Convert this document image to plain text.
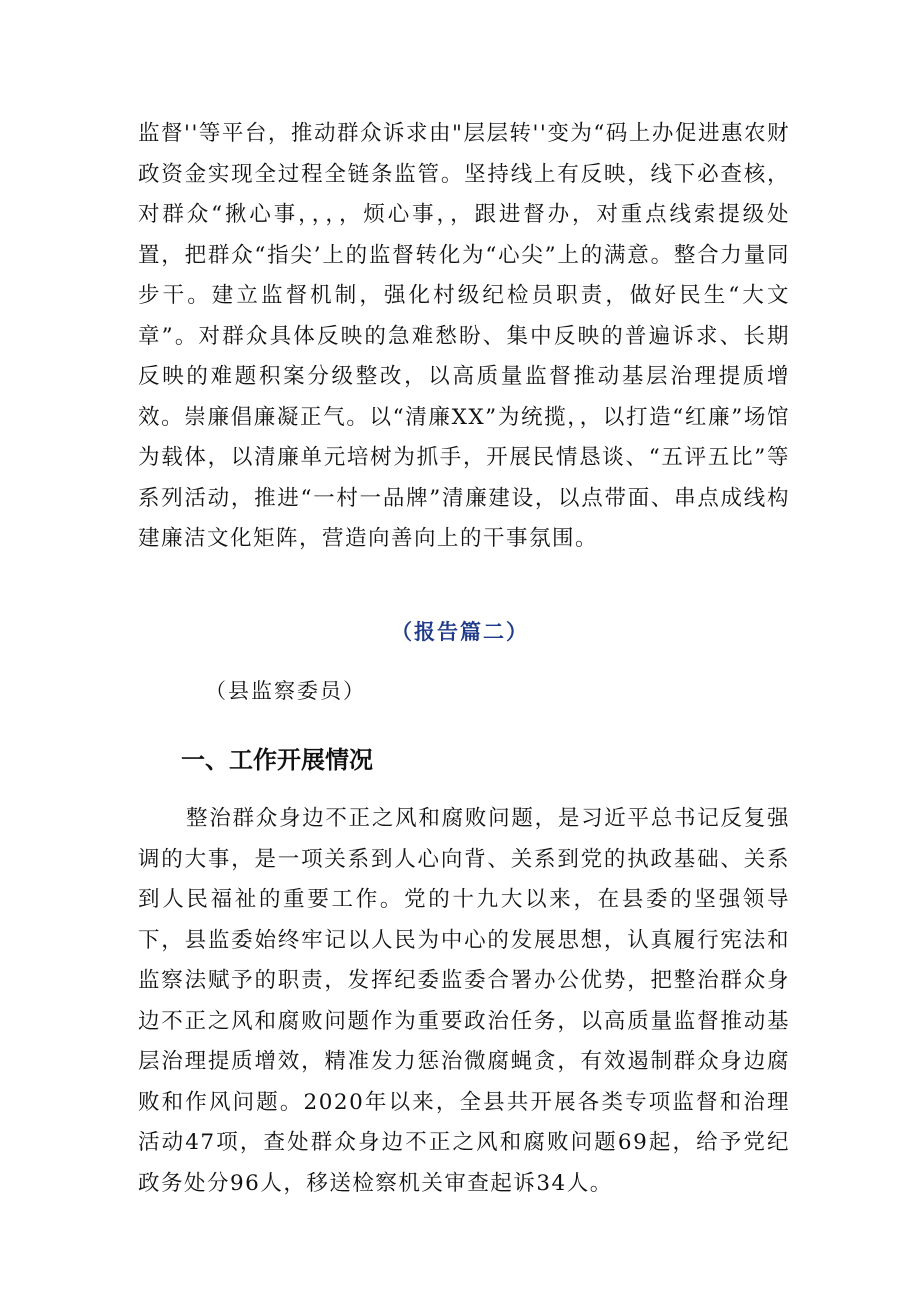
监督''等平台，推动群众诉求由"层层转''变为“码上办促进惠农财政资金实现全过程全链条监管。坚持线上有反映，线下必查核，对群众“揪心事，，，，烦心事，，跟进督办，对重点线索提级处置，把群众“指尖’上的监督转化为“心尖”上的满意。整合力量同步干。建立监督机制，强化村级纪检员职责，做好民生“大文章”。对群众具体反映的急难愁盼、集中反映的普遍诉求、长期反映的难题积案分级整改，以高质量监督推动基层治理提质增效。崇廉倡廉凝正气。以“清廉XX”为统揽，，以打造“红廉”场馆为载体，以清廉单元培树为抓手，开展民情恳谈、“五评五比”等系列活动，推进“一村一品牌”清廉建设，以点带面、串点成线构建廉洁文化矩阵，营造向善向上的干事氛围。

（报告篇二）

（县监察委员）

一、工作开展情况

整治群众身边不正之风和腐败问题，是习近平总书记反复强调的大事，是一项关系到人心向背、关系到党的执政基础、关系到人民福祉的重要工作。党的十九大以来，在县委的坚强领导下，县监委始终牢记以人民为中心的发展思想，认真履行宪法和监察法赋予的职责，发挥纪委监委合署办公优势，把整治群众身边不正之风和腐败问题作为重要政治任务，以高质量监督推动基层治理提质增效，精准发力惩治微腐蝇贪，有效遏制群众身边腐败和作风问题。2020年以来，全县共开展各类专项监督和治理活动47项，查处群众身边不正之风和腐败问题69起，给予党纪政务处分96人，移送检察机关审查起诉34人。
